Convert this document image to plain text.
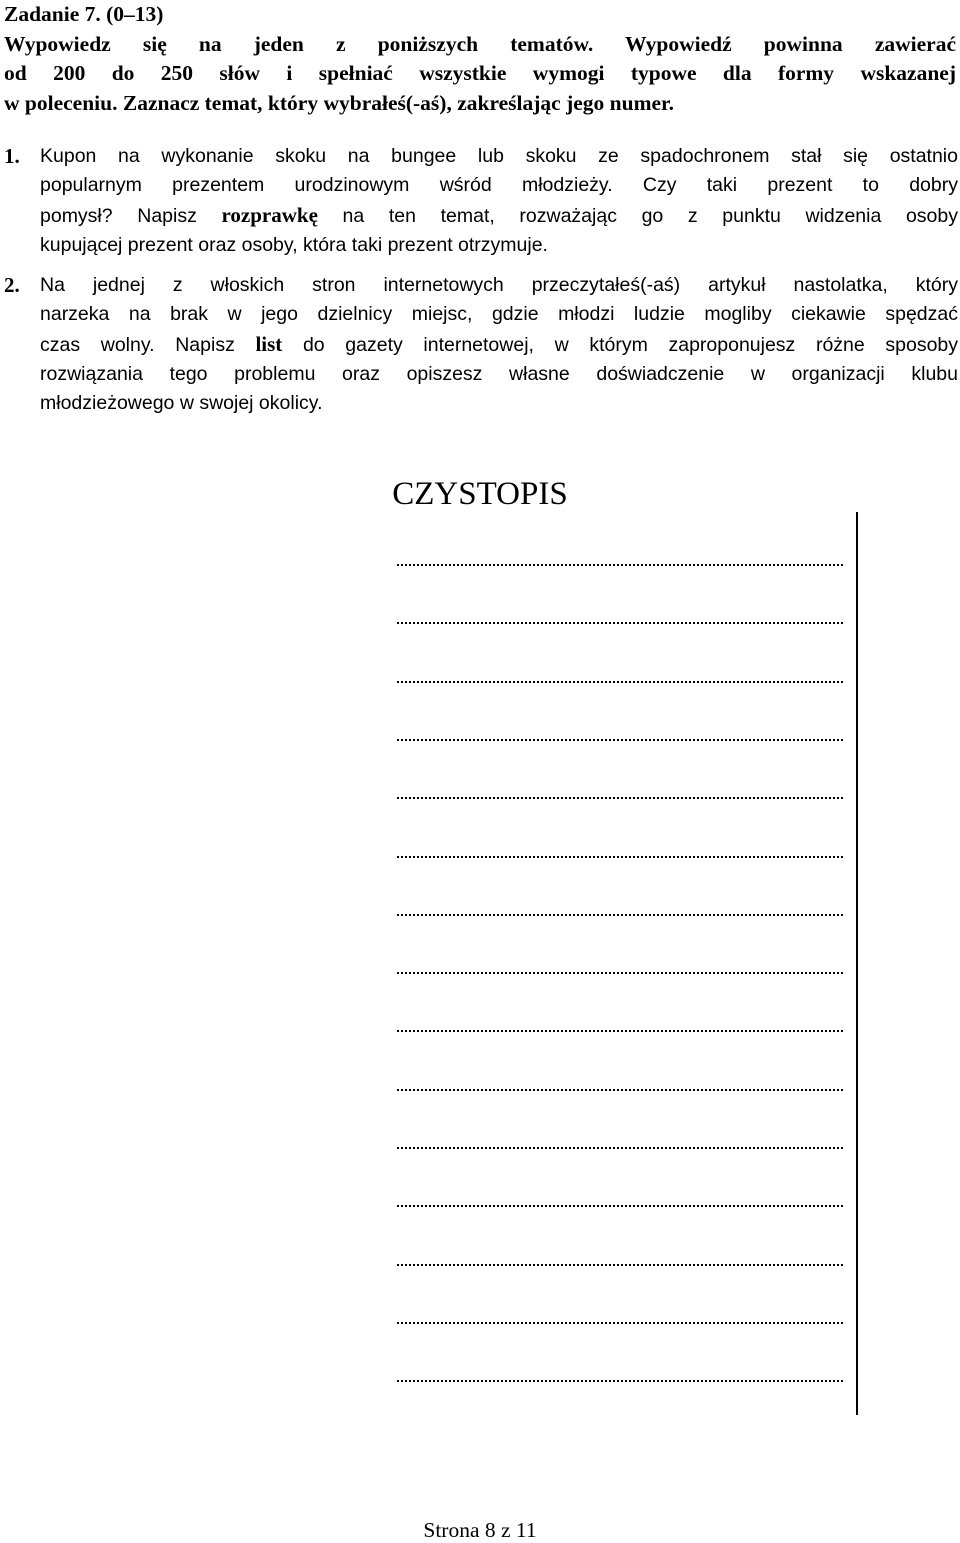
Zadanie 7. (0–13)
Wypowiedz się na jeden z poniższych tematów. Wypowiedź powinna zawierać
od 200 do 250 słów i spełniać wszystkie wymogi typowe dla formy wskazanej
w poleceniu. Zaznacz temat, który wybrałeś(-aś), zakreślając jego numer.
1. Kupon na wykonanie skoku na bungee lub skoku ze spadochronem stał się ostatnio
popularnym prezentem urodzinowym wśród młodzieży. Czy taki prezent to dobry
pomysł? Napisz rozprawkę na ten temat, rozważając go z punktu widzenia osoby
kupującej prezent oraz osoby, która taki prezent otrzymuje.
2. Na jednej z włoskich stron internetowych przeczytałeś(-aś) artykuł nastolatka, który
narzeka na brak w jego dzielnicy miejsc, gdzie młodzi ludzie mogliby ciekawie spędzać
czas wolny. Napisz list do gazety internetowej, w którym zaproponujesz różne sposoby
rozwiązania tego problemu oraz opiszesz własne doświadczenie w organizacji klubu
młodzieżowego w swojej okolicy.
CZYSTOPIS
Strona 8 z 11
